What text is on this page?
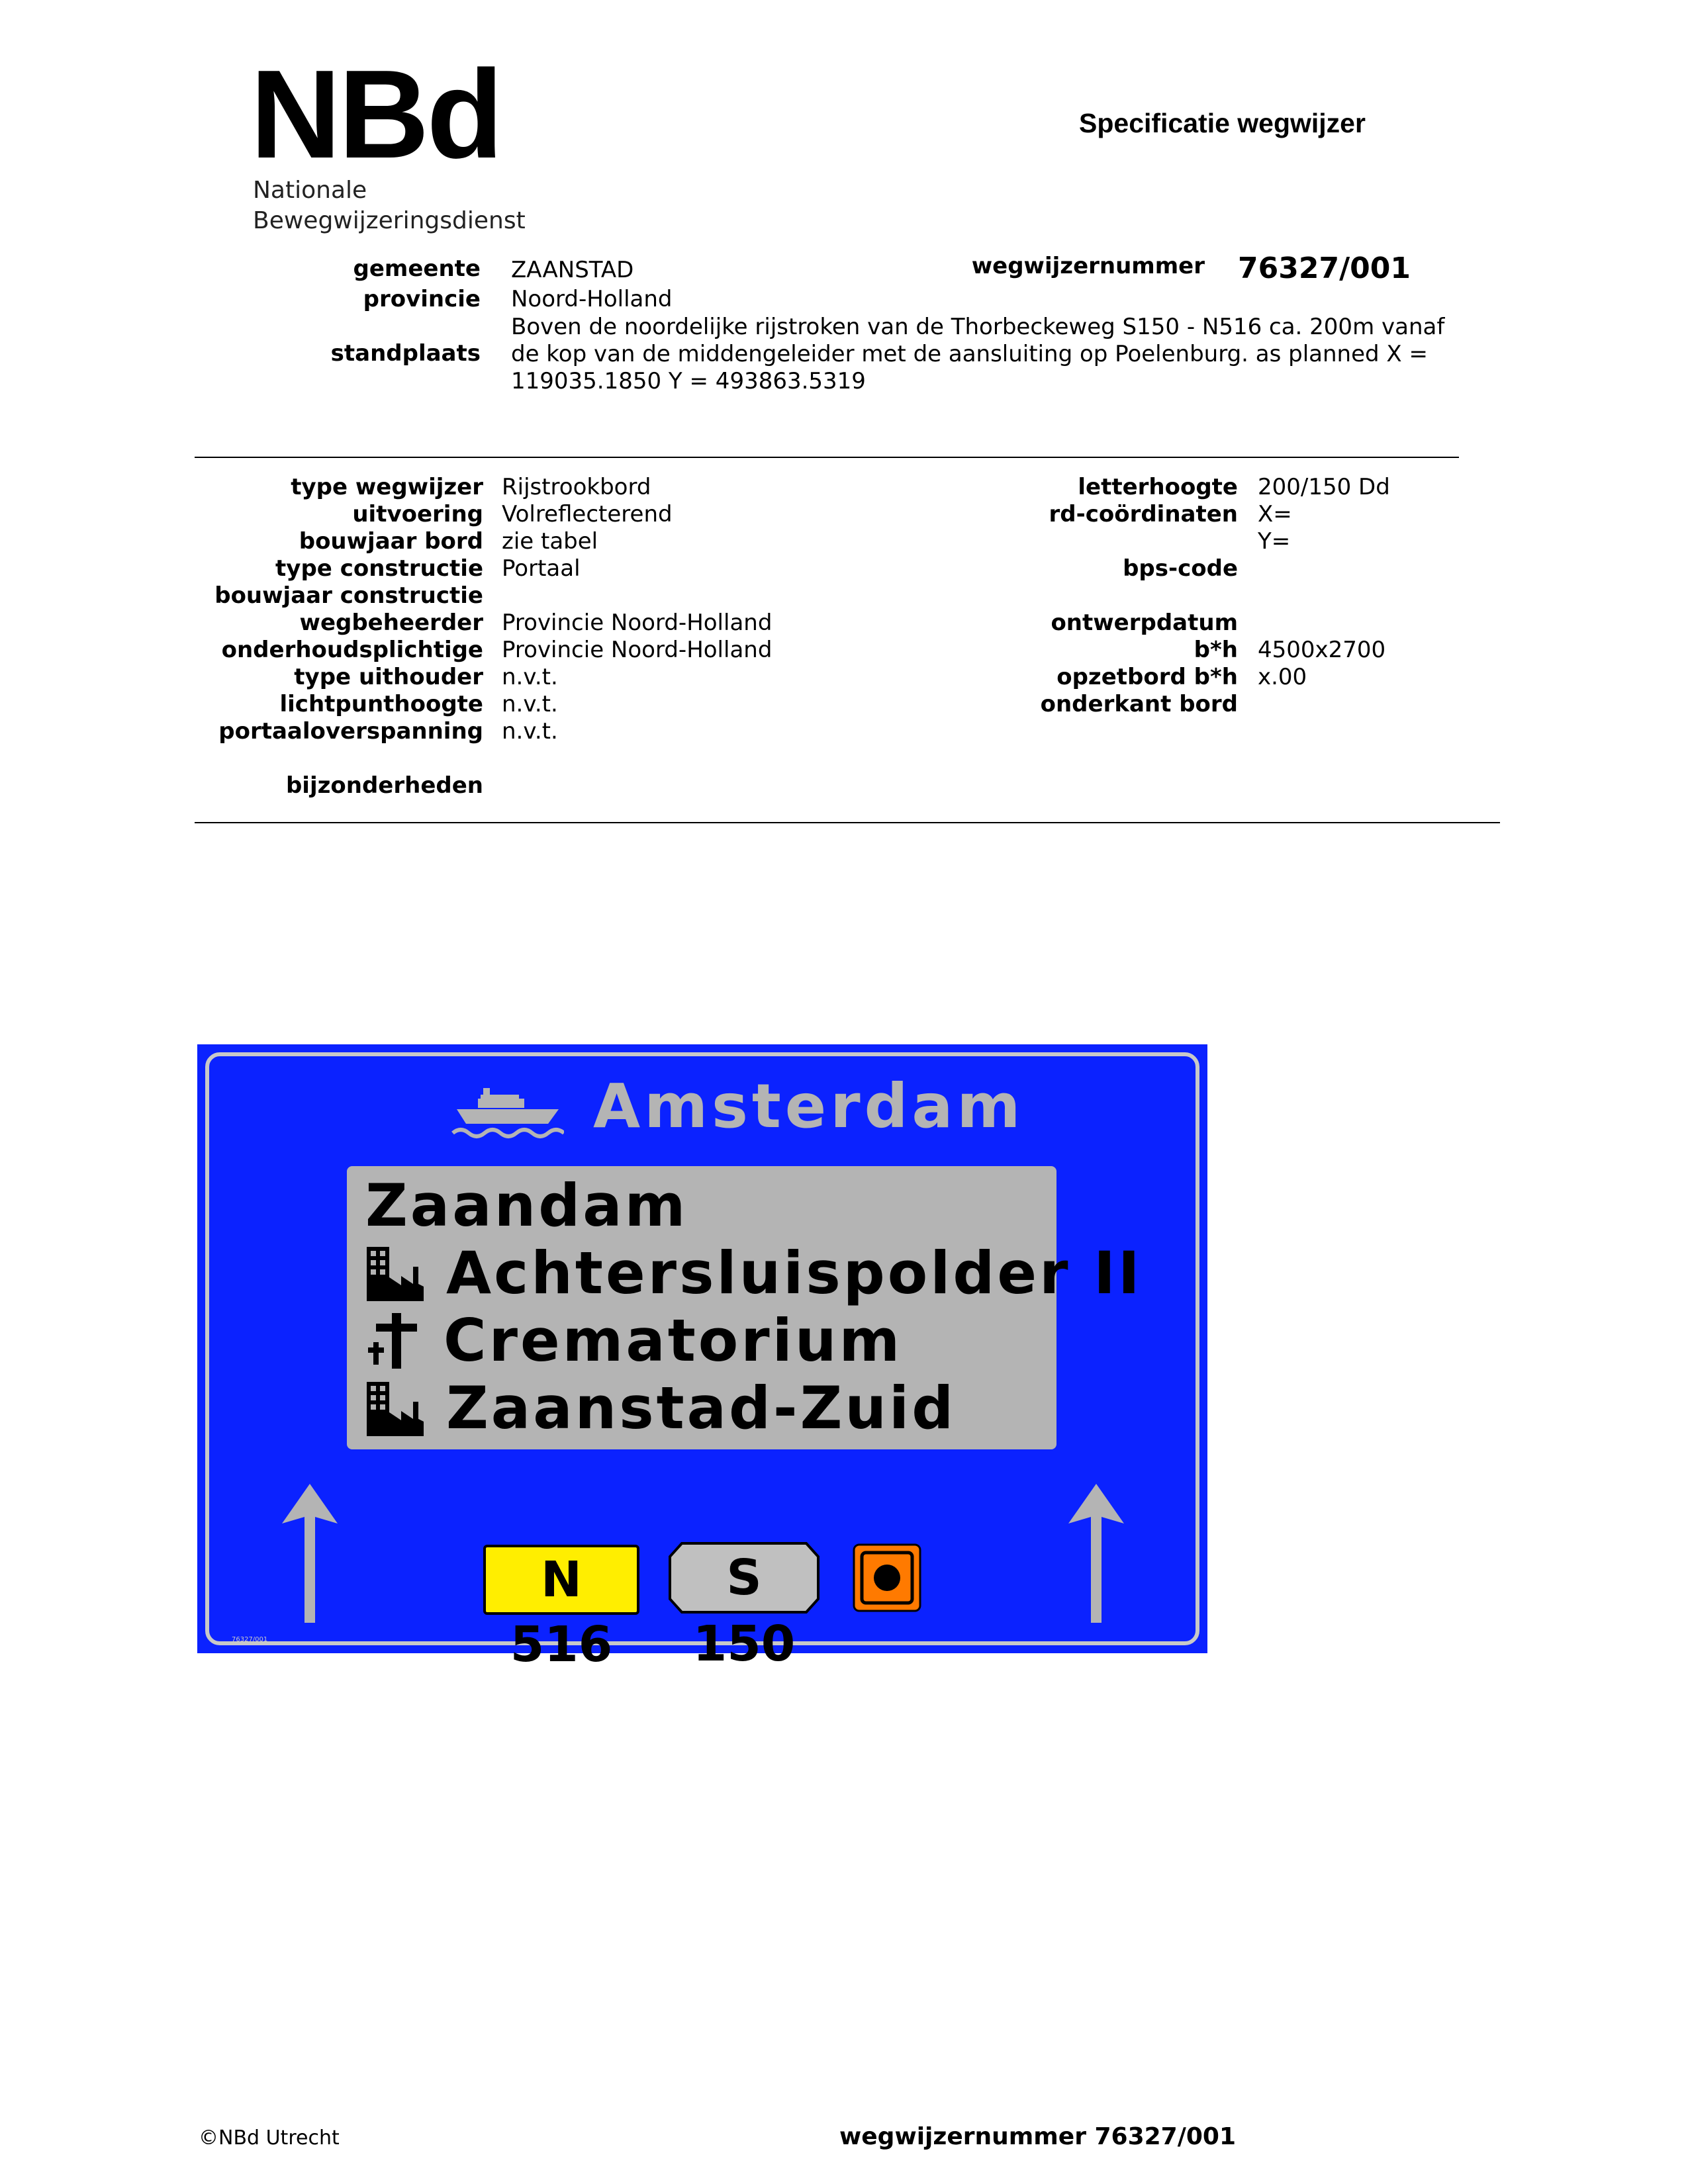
NBd
Nationale
Bewegwijzeringsdienst
Specificatie wegwijzer
gemeente ZAANSTAD	wegwijzernummer 76327/001
provincie Noord-Holland
standplaats
Boven de noordelijke rijstroken van de Thorbeckeweg S150 - N516 ca. 200m vanaf
de kop van de middengeleider met de aansluiting op Poelenburg. as planned X =
119035.1850 Y = 493863.5319
type wegwijzer
uitvoering
bouwjaar bord
type constructie
bouwjaar constructie
wegbeheerder
onderhoudsplichtige
type uithouder
lichtpunthoogte
portaaloverspanning
bijzonderheden
Rijstrookbord
Volreflecterend
zie tabel
Portaal
Provincie Noord-Holland
Provincie Noord-Holland
n.v.t.
n.v.t.
n.v.t.
letterhoogte
rd-coördinaten
bps-code
ontwerpdatum
b*h
opzetbord b*h
onderkant bord
200/150 Dd
X=
Y=
4500x2700
x.00
Amsterdam
Zaandam
Achtersluispolder II
Crematorium
Zaanstad-Zuid
N 516
S 150
76327/001
©NBd Utrecht	wegwijzernummer 76327/001
